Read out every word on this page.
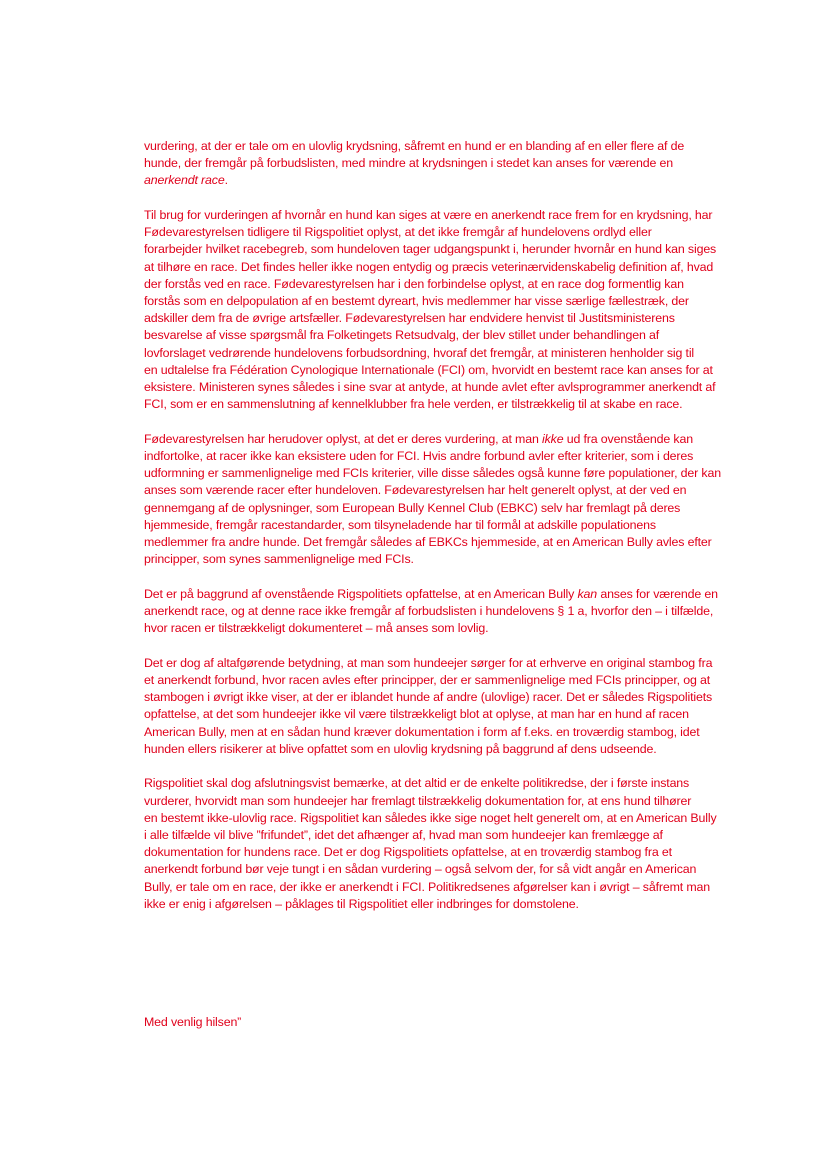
vurdering, at der er tale om en ulovlig krydsning, såfremt en hund er en blanding af en eller flere af de
hunde, der fremgår på forbudslisten, med mindre at krydsningen i stedet kan anses for værende en
anerkendt race.

Til brug for vurderingen af hvornår en hund kan siges at være en anerkendt race frem for en krydsning, har
Fødevarestyrelsen tidligere til Rigspolitiet oplyst, at det ikke fremgår af hundelovens ordlyd eller
forarbejder hvilket racebegreb, som hundeloven tager udgangspunkt i, herunder hvornår en hund kan siges
at tilhøre en race. Det findes heller ikke nogen entydig og præcis veterinærvidenskabelig definition af, hvad
der forstås ved en race. Fødevarestyrelsen har i den forbindelse oplyst, at en race dog formentlig kan
forstås som en delpopulation af en bestemt dyreart, hvis medlemmer har visse særlige fællestræk, der
adskiller dem fra de øvrige artsfæller. Fødevarestyrelsen har endvidere henvist til Justitsministerens
besvarelse af visse spørgsmål fra Folketingets Retsudvalg, der blev stillet under behandlingen af
lovforslaget vedrørende hundelovens forbudsordning, hvoraf det fremgår, at ministeren henholder sig til
en udtalelse fra Fédération Cynologique Internationale (FCI) om, hvorvidt en bestemt race kan anses for at
eksistere. Ministeren synes således i sine svar at antyde, at hunde avlet efter avlsprogrammer anerkendt af
FCI, som er en sammenslutning af kennelklubber fra hele verden, er tilstrækkelig til at skabe en race.

Fødevarestyrelsen har herudover oplyst, at det er deres vurdering, at man ikke ud fra ovenstående kan
indfortolke, at racer ikke kan eksistere uden for FCI. Hvis andre forbund avler efter kriterier, som i deres
udformning er sammenlignelige med FCIs kriterier, ville disse således også kunne føre populationer, der kan
anses som værende racer efter hundeloven. Fødevarestyrelsen har helt generelt oplyst, at der ved en
gennemgang af de oplysninger, som European Bully Kennel Club (EBKC) selv har fremlagt på deres
hjemmeside, fremgår racestandarder, som tilsyneladende har til formål at adskille populationens
medlemmer fra andre hunde. Det fremgår således af EBKCs hjemmeside, at en American Bully avles efter
principper, som synes sammenlignelige med FCIs.

Det er på baggrund af ovenstående Rigspolitiets opfattelse, at en American Bully kan anses for værende en
anerkendt race, og at denne race ikke fremgår af forbudslisten i hundelovens § 1 a, hvorfor den – i tilfælde,
hvor racen er tilstrækkeligt dokumenteret – må anses som lovlig.

Det er dog af altafgørende betydning, at man som hundeejer sørger for at erhverve en original stambog fra
et anerkendt forbund, hvor racen avles efter principper, der er sammenlignelige med FCIs principper, og at
stambogen i øvrigt ikke viser, at der er iblandet hunde af andre (ulovlige) racer. Det er således Rigspolitiets
opfattelse, at det som hundeejer ikke vil være tilstrækkeligt blot at oplyse, at man har en hund af racen
American Bully, men at en sådan hund kræver dokumentation i form af f.eks. en troværdig stambog, idet
hunden ellers risikerer at blive opfattet som en ulovlig krydsning på baggrund af dens udseende.

Rigspolitiet skal dog afslutningsvist bemærke, at det altid er de enkelte politikredse, der i første instans
vurderer, hvorvidt man som hundeejer har fremlagt tilstrækkelig dokumentation for, at ens hund tilhører
en bestemt ikke-ulovlig race. Rigspolitiet kan således ikke sige noget helt generelt om, at en American Bully
i alle tilfælde vil blive ”frifundet”, idet det afhænger af, hvad man som hundeejer kan fremlægge af
dokumentation for hundens race. Det er dog Rigspolitiets opfattelse, at en troværdig stambog fra et
anerkendt forbund bør veje tungt i en sådan vurdering – også selvom der, for så vidt angår en American
Bully, er tale om en race, der ikke er anerkendt i FCI. Politikredsenes afgørelser kan i øvrigt – såfremt man
ikke er enig i afgørelsen – påklages til Rigspolitiet eller indbringes for domstolene.

Med venlig hilsen”
